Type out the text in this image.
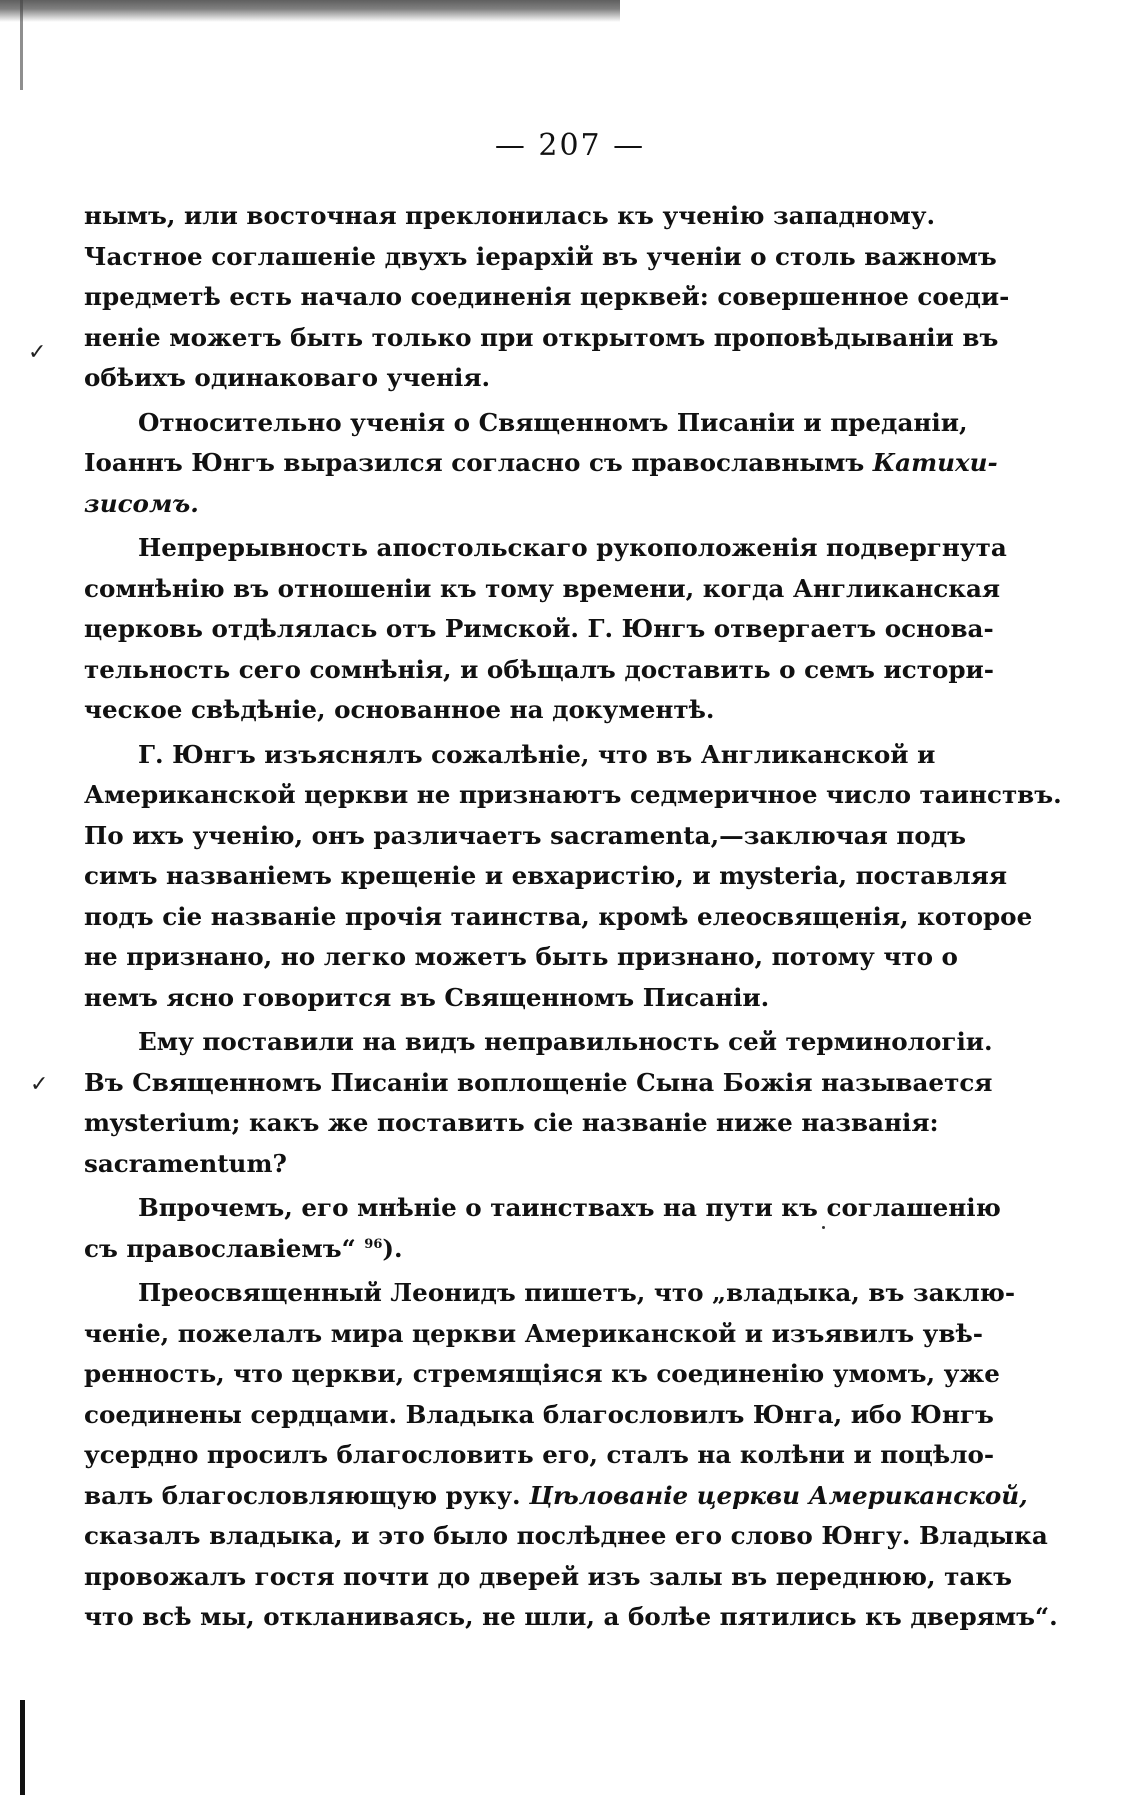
✓
✓
— 207 —
нымъ, или восточная преклонилась къ ученію западному.
Частное соглашеніе двухъ іерархій въ ученіи о столь важномъ
предметѣ есть начало соединенія церквей: совершенное соеди-
неніе можетъ быть только при открытомъ проповѣдываніи въ
обѣихъ одинаковаго ученія.
Относительно ученія о Священномъ Писаніи и преданіи,
Іоаннъ Юнгъ выразился согласно съ православнымъ Катихи-
зисомъ.
Непрерывность апостольскаго рукоположенія подвергнута
сомнѣнію въ отношеніи къ тому времени, когда Англиканская
церковь отдѣлялась отъ Римской. Г. Юнгъ отвергаетъ основа-
тельность сего сомнѣнія, и обѣщалъ доставить о семъ истори-
ческое свѣдѣніе, основанное на документѣ.
Г. Юнгъ изъяснялъ сожалѣніе, что въ Англиканской и
Американской церкви не признаютъ седмеричное число таинствъ.
По ихъ ученію, онъ различаетъ sacramenta,—заключая подъ
симъ названіемъ крещеніе и евхаристію, и mysteria, поставляя
подъ сіе названіе прочія таинства, кромѣ елеосвященія, которое
не признано, но легко можетъ быть признано, потому что о
немъ ясно говорится въ Священномъ Писаніи.
Ему поставили на видъ неправильность сей терминологіи.
Въ Священномъ Писаніи воплощеніе Сына Божія называется
mysterium; какъ же поставить сіе названіе ниже названія:
sacramentum?
Впрочемъ, его мнѣніе о таинствахъ на пути къ соглашенію
съ православіемъ“ $^{96}$).
Преосвященный Леонидъ пишетъ, что „владыка, въ заклю-
ченіе, пожелалъ мира церкви Американской и изъявилъ увѣ-
ренность, что церкви, стремящіяся къ соединенію умомъ, уже
соединены сердцами. Владыка благословилъ Юнга, ибо Юнгъ
усердно просилъ благословить его, сталъ на колѣни и поцѣло-
валъ благословляющую руку. Цѣлованіе церкви Американской,
сказалъ владыка, и это было послѣднее его слово Юнгу. Владыка
провожалъ гостя почти до дверей изъ залы въ переднюю, такъ
что всѣ мы, откланиваясь, не шли, а болѣе пятились къ дверямъ“.
